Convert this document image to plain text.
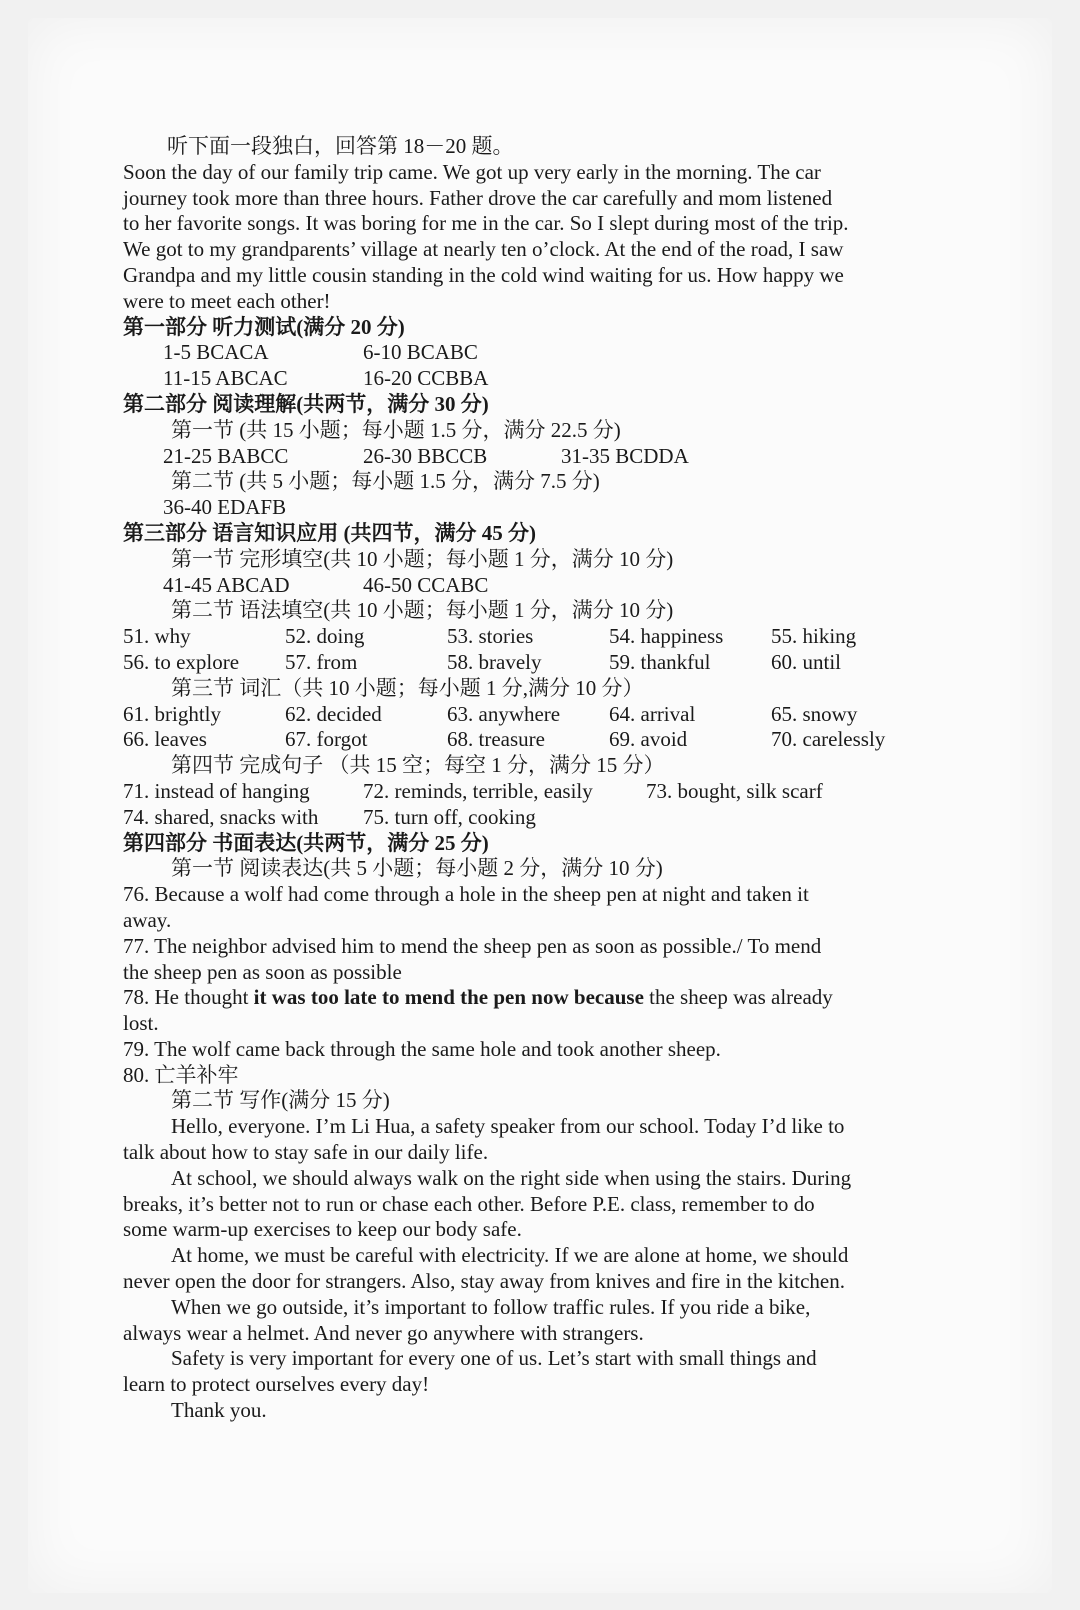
听下面一段独白，回答第 18－20 题。
Soon the day of our family trip came. We got up very early in the morning. The car
journey took more than three hours. Father drove the car carefully and mom listened
to her favorite songs. It was boring for me in the car. So I slept during most of the trip.
We got to my grandparents’ village at nearly ten o’clock. At the end of the road, I saw
Grandpa and my little cousin standing in the cold wind waiting for us. How happy we
were to meet each other!
第一部分 听力测试(满分 20 分)
1-5 BCACA	6-10 BCABC
11-15 ABCAC	16-20 CCBBA
第二部分 阅读理解(共两节，满分 30 分)
第一节 (共 15 小题；每小题 1.5 分，满分 22.5 分)
21-25 BABCC	26-30 BBCCB	31-35 BCDDA
第二节 (共 5 小题；每小题 1.5 分，满分 7.5 分)
36-40 EDAFB
第三部分 语言知识应用 (共四节，满分 45 分)
第一节 完形填空(共 10 小题；每小题 1 分，满分 10 分)
41-45 ABCAD	46-50 CCABC
第二节 语法填空(共 10 小题；每小题 1 分，满分 10 分)
51. why	52. doing	53. stories	54. happiness	55. hiking
56. to explore	57. from	58. bravely	59. thankful	60. until
第三节 词汇（共 10 小题；每小题 1 分,满分 10 分）
61. brightly	62. decided	63. anywhere	64. arrival	65. snowy
66. leaves	67. forgot	68. treasure	69. avoid	70. carelessly
第四节 完成句子 （共 15 空；每空 1 分，满分 15 分）
71. instead of hanging	72. reminds, terrible, easily	73. bought, silk scarf
74. shared, snacks with	75. turn off, cooking
第四部分 书面表达(共两节，满分 25 分)
第一节 阅读表达(共 5 小题；每小题 2 分，满分 10 分)
76. Because a wolf had come through a hole in the sheep pen at night and taken it
away.
77. The neighbor advised him to mend the sheep pen as soon as possible./ To mend
the sheep pen as soon as possible
78. He thought it was too late to mend the pen now because the sheep was already
lost.
79. The wolf came back through the same hole and took another sheep.
80. 亡羊补牢
第二节 写作(满分 15 分)
Hello, everyone. I’m Li Hua, a safety speaker from our school. Today I’d like to
talk about how to stay safe in our daily life.
At school, we should always walk on the right side when using the stairs. During
breaks, it’s better not to run or chase each other. Before P.E. class, remember to do
some warm-up exercises to keep our body safe.
At home, we must be careful with electricity. If we are alone at home, we should
never open the door for strangers. Also, stay away from knives and fire in the kitchen.
When we go outside, it’s important to follow traffic rules. If you ride a bike,
always wear a helmet. And never go anywhere with strangers.
Safety is very important for every one of us. Let’s start with small things and
learn to protect ourselves every day!
Thank you.
